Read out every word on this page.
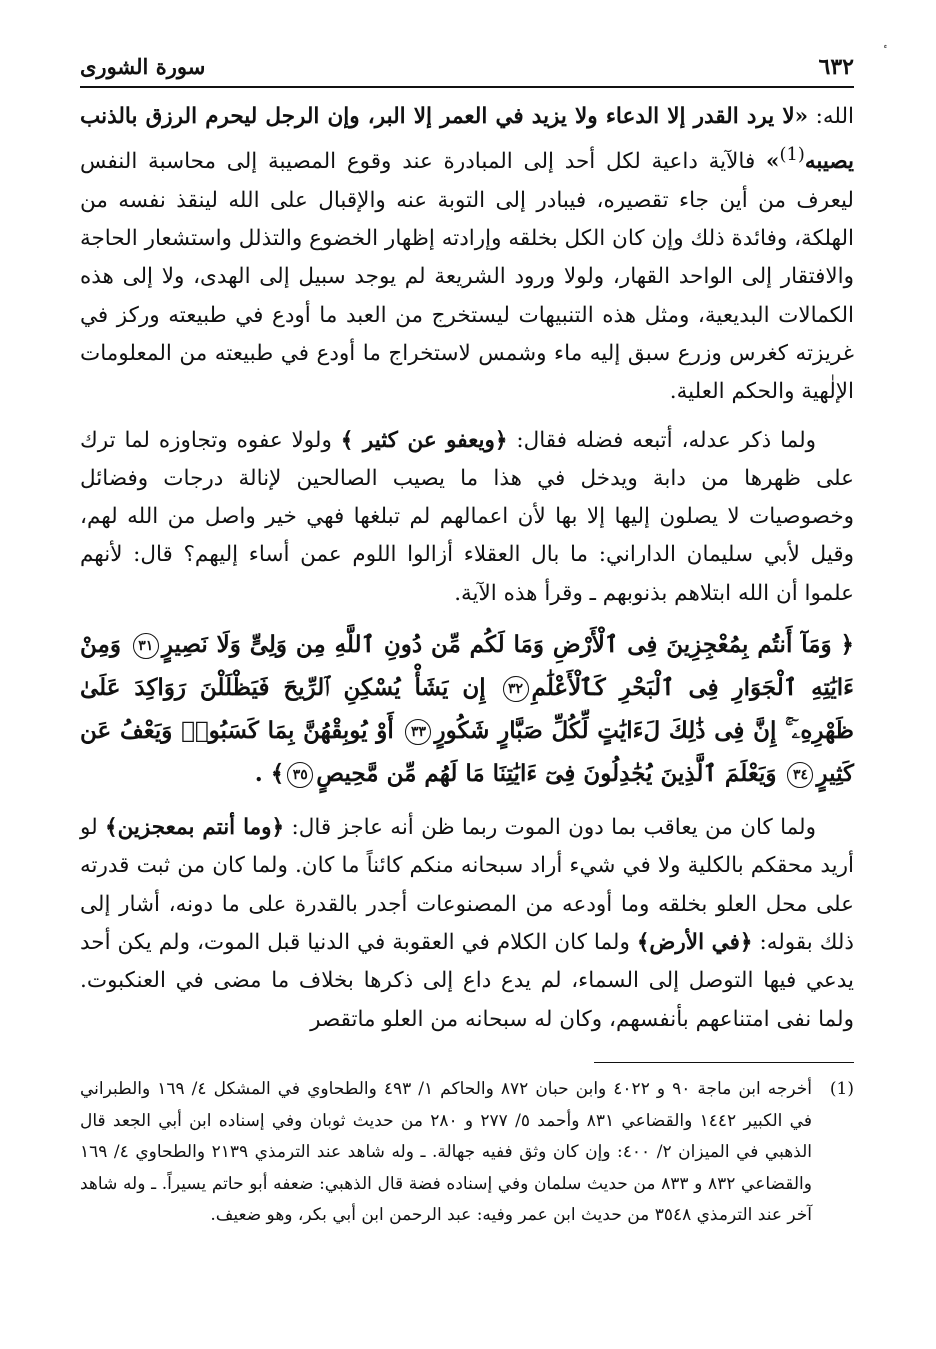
٦٣٢
سورة الشورى

الله: «لا يرد القدر إلا الدعاء ولا يزيد في العمر إلا البر، وإن الرجل ليحرم الرزق بالذنب يصيبه$^{(1)}$» فالآية داعية لكل أحد إلى المبادرة عند وقوع المصيبة إلى محاسبة النفس ليعرف من أين جاء تقصيره، فيبادر إلى التوبة عنه والإقبال على الله لينقذ نفسه من الهلكة، وفائدة ذلك وإن كان الكل بخلقه وإرادته إظهار الخضوع والتذلل واستشعار الحاجة والافتقار إلى الواحد القهار، ولولا ورود الشريعة لم يوجد سبيل إلى الهدى، ولا إلى هذه الكمالات البديعية، ومثل هذه التنبيهات ليستخرج من العبد ما أودع في طبيعته وركز في غريزته كغرس وزرع سبق إليه ماء وشمس لاستخراج ما أودع في طبيعته من المعلومات الإلٰهية والحكم العلية.

ولما ذكر عدله، أتبعه فضله فقال: ﴿ويعفو عن كثير ﴾ ولولا عفوه وتجاوزه لما ترك على ظهرها من دابة ويدخل في هذا ما يصيب الصالحين لإنالة درجات وفضائل وخصوصيات لا يصلون إليها إلا بها لأن اعمالهم لم تبلغها فهي خير واصل من الله لهم، وقيل لأبي سليمان الداراني: ما بال العقلاء أزالوا اللوم عمن أساء إليهم؟ قال: لأنهم علموا أن الله ابتلاهم بذنوبهم ـ وقرأ هذه الآية.

﴿ وَمَآ أَنتُم بِمُعْجِزِينَ فِى ٱلْأَرْضِ وَمَا لَكُم مِّن دُونِ ٱللَّهِ مِن وَلِىٍّ وَلَا نَصِيرٍ٣١ وَمِنْ ءَايَٰتِهِ ٱلْجَوَارِ فِى ٱلْبَحْرِ كَٱلْأَعْلَٰمِ٣٢ إِن يَشَأْ يُسْكِنِ ٱلرِّيحَ فَيَظْلَلْنَ رَوَاكِدَ عَلَىٰ ظَهْرِهِۦٓ ۚ إِنَّ فِى ذَٰلِكَ لَءَايَٰتٍ لِّكُلِّ صَبَّارٍ شَكُورٍ٣٣ أَوْ يُوبِقْهُنَّ بِمَا كَسَبُوا۟ وَيَعْفُ عَن كَثِيرٍ٣٤ وَيَعْلَمَ ٱلَّذِينَ يُجَٰدِلُونَ فِىٓ ءَايَٰتِنَا مَا لَهُم مِّن مَّحِيصٍ٣٥﴾ .

ولما كان من يعاقب بما دون الموت ربما ظن أنه عاجز قال: ﴿وما أنتم بمعجزين﴾ لو أريد محقكم بالكلية ولا في شيء أراد سبحانه منكم كائناً ما كان. ولما كان من ثبت قدرته على محل العلو بخلقه وما أودعه من المصنوعات أجدر بالقدرة على ما دونه، أشار إلى ذلك بقوله: ﴿في الأرض﴾ ولما كان الكلام في العقوبة في الدنيا قبل الموت، ولم يكن أحد يدعي فيها التوصل إلى السماء، لم يدع داع إلى ذكرها بخلاف ما مضى في العنكبوت. ولما نفى امتناعهم بأنفسهم، وكان له سبحانه من العلو ماتقصر

(1)
أخرجه ابن ماجة ٩٠ و ٤٠٢٢ وابن حبان ٨٧٢ والحاكم ١/ ٤٩٣ والطحاوي في المشكل ٤/ ١٦٩ والطبراني في الكبير ١٤٤٢ والقضاعي ٨٣١ وأحمد ٥/ ٢٧٧ و ٢٨٠ من حديث ثوبان وفي إسناده ابن أبي الجعد قال الذهبي في الميزان ٢/ ٤٠٠: وإن كان وثق ففيه جهالة. ـ وله شاهد عند الترمذي ٢١٣٩ والطحاوي ٤/ ١٦٩ والقضاعي ٨٣٢ و ٨٣٣ من حديث سلمان وفي إسناده فضة قال الذهبي: ضعفه أبو حاتم يسيراً. ـ وله شاهد آخر عند الترمذي ٣٥٤٨ من حديث ابن عمر وفيه: عبد الرحمن ابن أبي بكر، وهو ضعيف.
